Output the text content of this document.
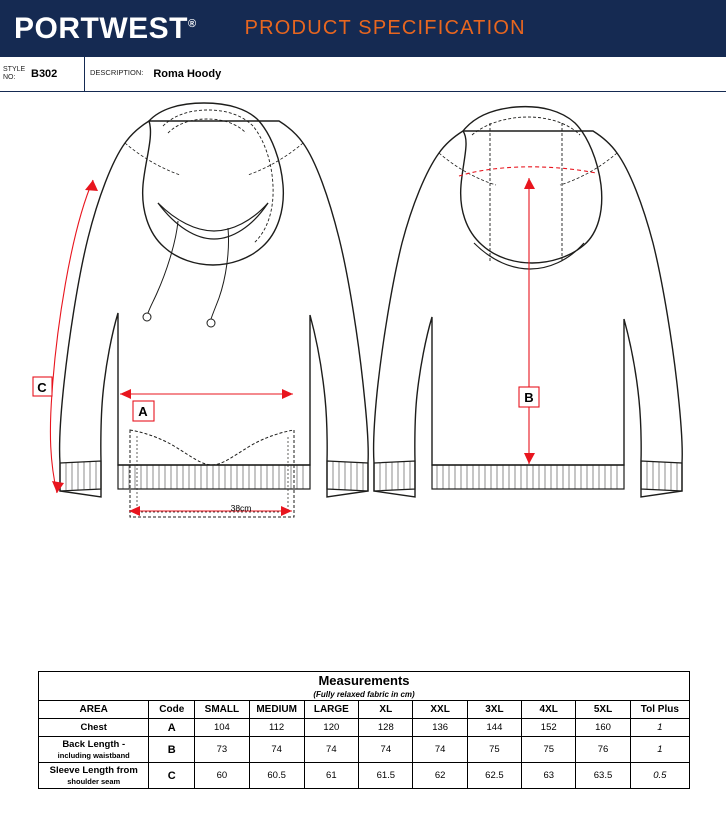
PORTWEST® PRODUCT SPECIFICATION
STYLE
NO:	B302	DESCRIPTION: Roma Hoody
C
A
38cm
B
Measurements										
(Fully relaxed fabric in cm)										
AREA	Code	SMALL	MEDIUM	LARGE	XL	XXL	3XL	4XL	5XL	Tol Plus
Chest	A	104	112	120	128	136	144	152	160	1
Back Length -
including waistband	B	73	74	74	74	74	75	75	76	1
Sleeve Length from
shoulder seam	C	60	60.5	61	61.5	62	62.5	63	63.5	0.5
